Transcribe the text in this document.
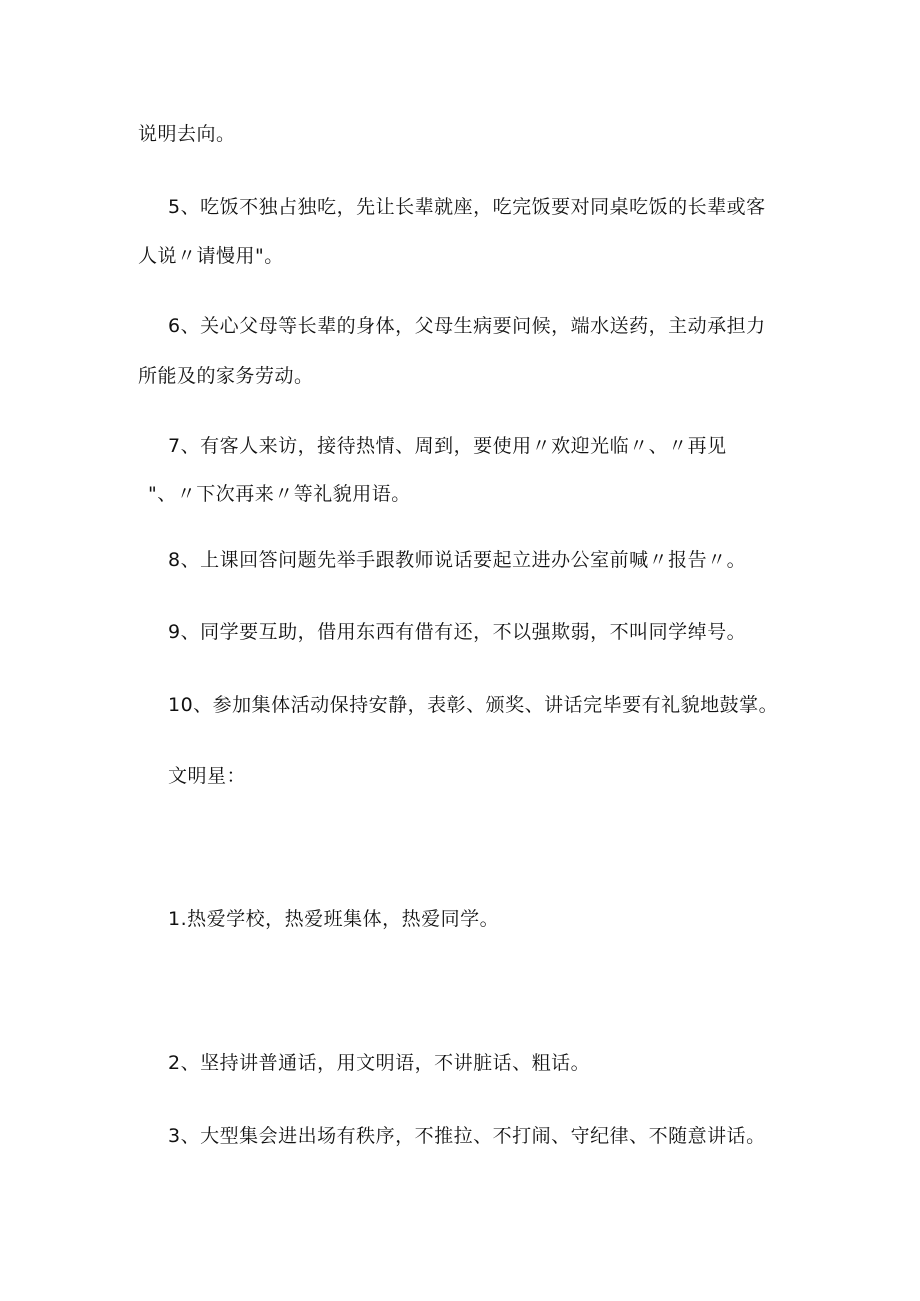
说明去向。
5、吃饭不独占独吃，先让长辈就座，吃完饭要对同桌吃饭的长辈或客
人说〃请慢用"。
6、关心父母等长辈的身体，父母生病要问候，端水送药，主动承担力
所能及的家务劳动。
7、有客人来访，接待热情、周到，要使用〃欢迎光临〃、〃再见
"、〃下次再来〃等礼貌用语。
8、上课回答问题先举手跟教师说话要起立进办公室前喊〃报告〃。
9、同学要互助，借用东西有借有还，不以强欺弱，不叫同学绰号。
10、参加集体活动保持安静，表彰、颁奖、讲话完毕要有礼貌地鼓掌。
文明星：
1.热爱学校，热爱班集体，热爱同学。
2、坚持讲普通话，用文明语，不讲脏话、粗话。
3、大型集会进出场有秩序，不推拉、不打闹、守纪律、不随意讲话。
